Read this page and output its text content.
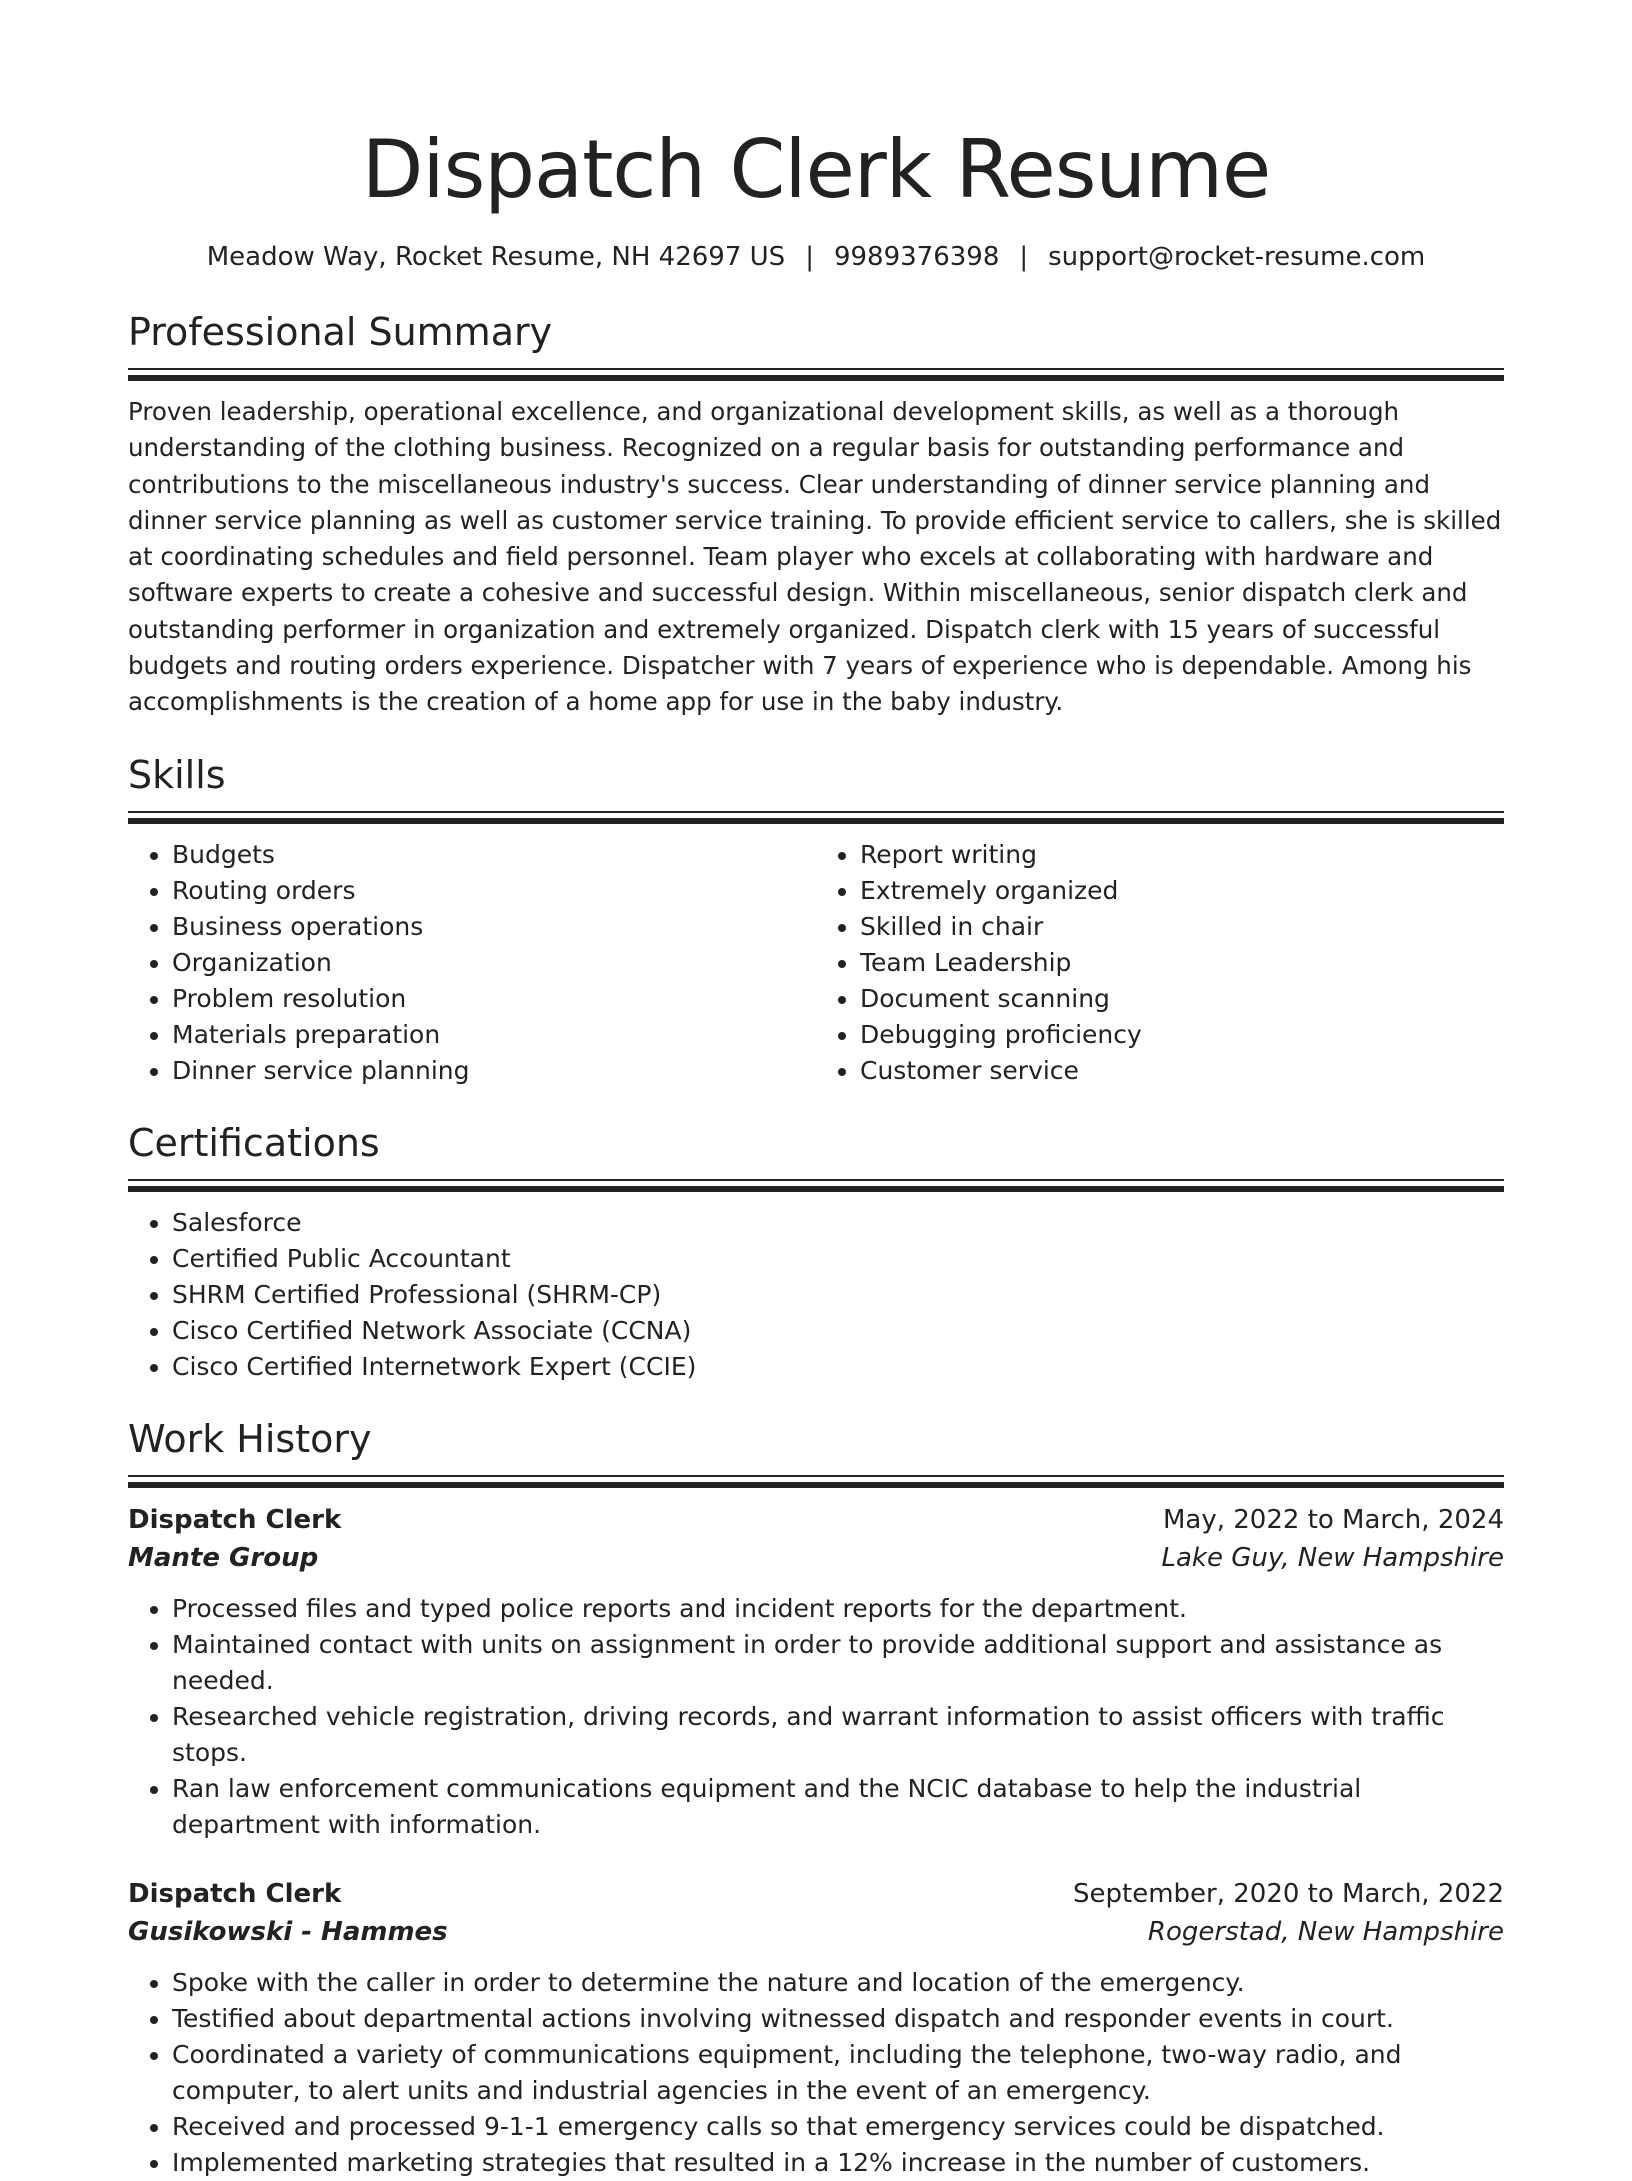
Dispatch Clerk Resume
Meadow Way, Rocket Resume, NH 42697 US | 9989376398 | support@rocket-resume.com
Professional Summary

Proven leadership, operational excellence, and organizational development skills, as well as a thorough understanding of the clothing business. Recognized on a regular basis for outstanding performance and contributions to the miscellaneous industry's success. Clear understanding of dinner service planning and dinner service planning as well as customer service training. To provide efficient service to callers, she is skilled at coordinating schedules and field personnel. Team player who excels at collaborating with hardware and software experts to create a cohesive and successful design. Within miscellaneous, senior dispatch clerk and outstanding performer in organization and extremely organized. Dispatch clerk with 15 years of successful budgets and routing orders experience. Dispatcher with 7 years of experience who is dependable. Among his accomplishments is the creation of a home app for use in the baby industry.

Skills
• Budgets
• Routing orders
• Business operations
• Organization
• Problem resolution
• Materials preparation
• Dinner service planning
• Report writing
• Extremely organized
• Skilled in chair
• Team Leadership
• Document scanning
• Debugging proficiency
• Customer service
Certifications
• Salesforce
• Certified Public Accountant
• SHRM Certified Professional (SHRM-CP)
• Cisco Certified Network Associate (CCNA)
• Cisco Certified Internetwork Expert (CCIE)
Work History
Dispatch Clerk	May, 2022 to March, 2024
Mante Group	Lake Guy, New Hampshire
• Processed files and typed police reports and incident reports for the department.
• Maintained contact with units on assignment in order to provide additional support and assistance as needed.
• Researched vehicle registration, driving records, and warrant information to assist officers with traffic stops.
• Ran law enforcement communications equipment and the NCIC database to help the industrial department with information.
Dispatch Clerk	September, 2020 to March, 2022
Gusikowski - Hammes	Rogerstad, New Hampshire
• Spoke with the caller in order to determine the nature and location of the emergency.
• Testified about departmental actions involving witnessed dispatch and responder events in court.
• Coordinated a variety of communications equipment, including the telephone, two-way radio, and computer, to alert units and industrial agencies in the event of an emergency.
• Received and processed 9-1-1 emergency calls so that emergency services could be dispatched.
• Implemented marketing strategies that resulted in a 12% increase in the number of customers.
